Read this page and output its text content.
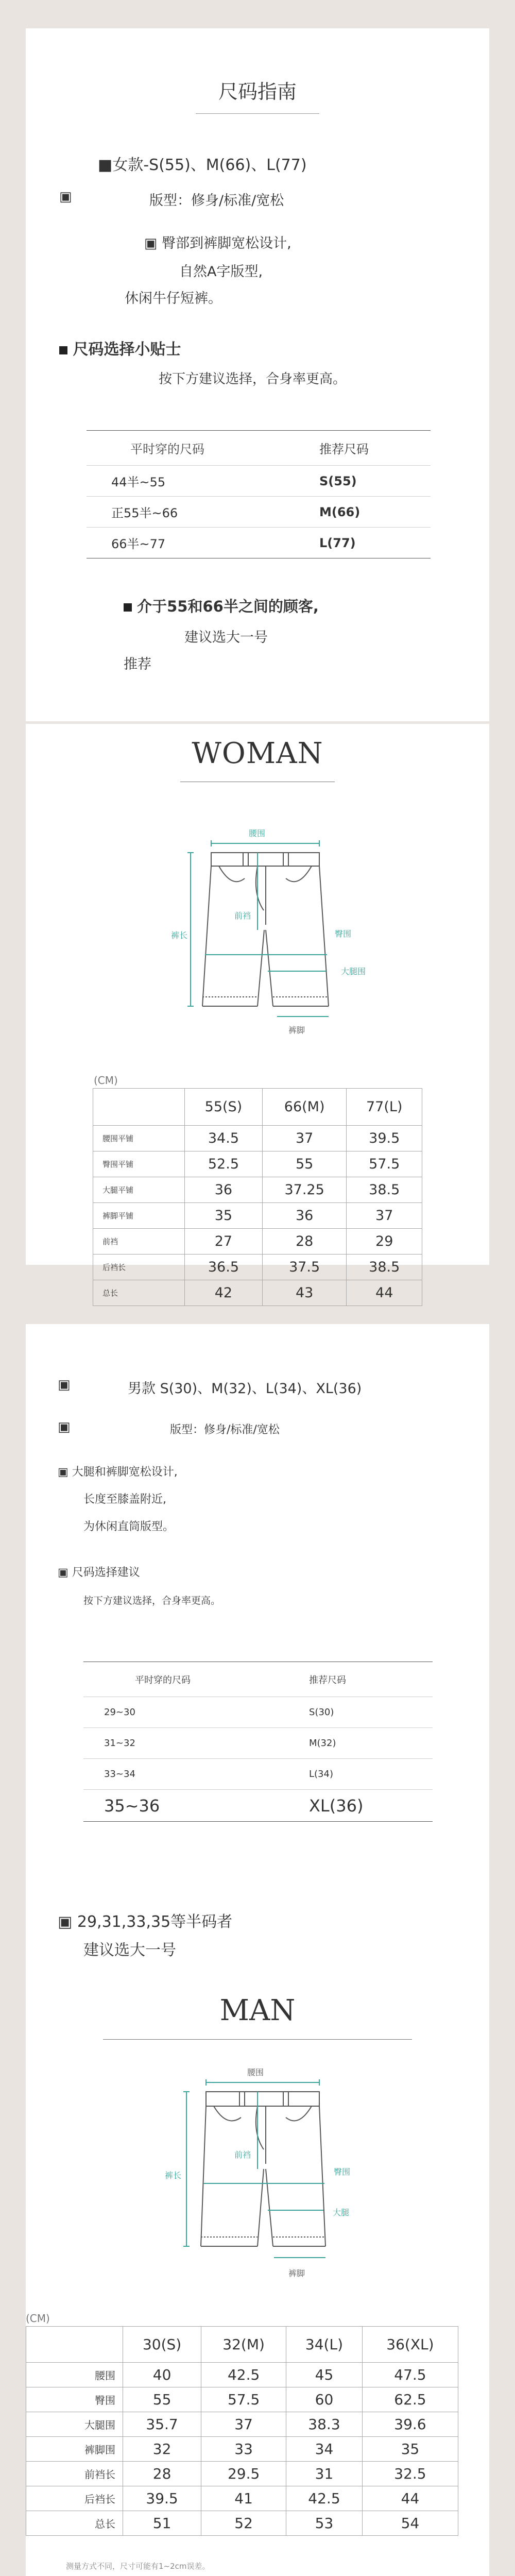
尺码指南
■女款-S(55)、M(66)、L(77)
▣	版型：修身/标准/宽松
▣ 臀部到裤脚宽松设计,
自然A字版型,
休闲牛仔短裤。
尺码选择小贴士
按下方建议选择，合身率更高。
平时穿的尺码	推荐尺码
44半~55	S(55)
正55半~66	M(66)
66半~77	L(77)
介于55和66半之间的顾客,
建议选大一号
推荐
WOMAN
腰围
前裆
裤长	臀围
大腿围
裤脚
(CM)
	55(S)	66(M)	77(L)
腰围平铺	34.5	37	39.5
臀围平铺	52.5	55	57.5
大腿平铺	36	37.25	38.5
裤脚平铺	35	36	37
前裆	27	28	29
后裆长	36.5	37.5	38.5
总长	42	43	44
▣	男款 S(30)、M(32)、L(34)、XL(36)
▣	版型：修身/标准/宽松
▣ 大腿和裤脚宽松设计,
长度至膝盖附近,
为休闲直筒版型。
▣ 尺码选择建议
按下方建议选择，合身率更高。
平时穿的尺码	推荐尺码
29~30	S(30)
31~32	M(32)
33~34	L(34)
35~36	XL(36)
▣ 29,31,33,35等半码者
建议选大一号
MAN
腰围
前裆
裤长	臀围
大腿
裤脚
(CM)
	30(S)	32(M)	34(L)	36(XL)
腰围	40	42.5	45	47.5
臀围	55	57.5	60	62.5
大腿围	35.7	37	38.3	39.6
裤脚围	32	33	34	35
前裆长	28	29.5	31	32.5
后裆长	39.5	41	42.5	44
总长	51	52	53	54
测量方式不同，尺寸可能有1~2cm误差。
